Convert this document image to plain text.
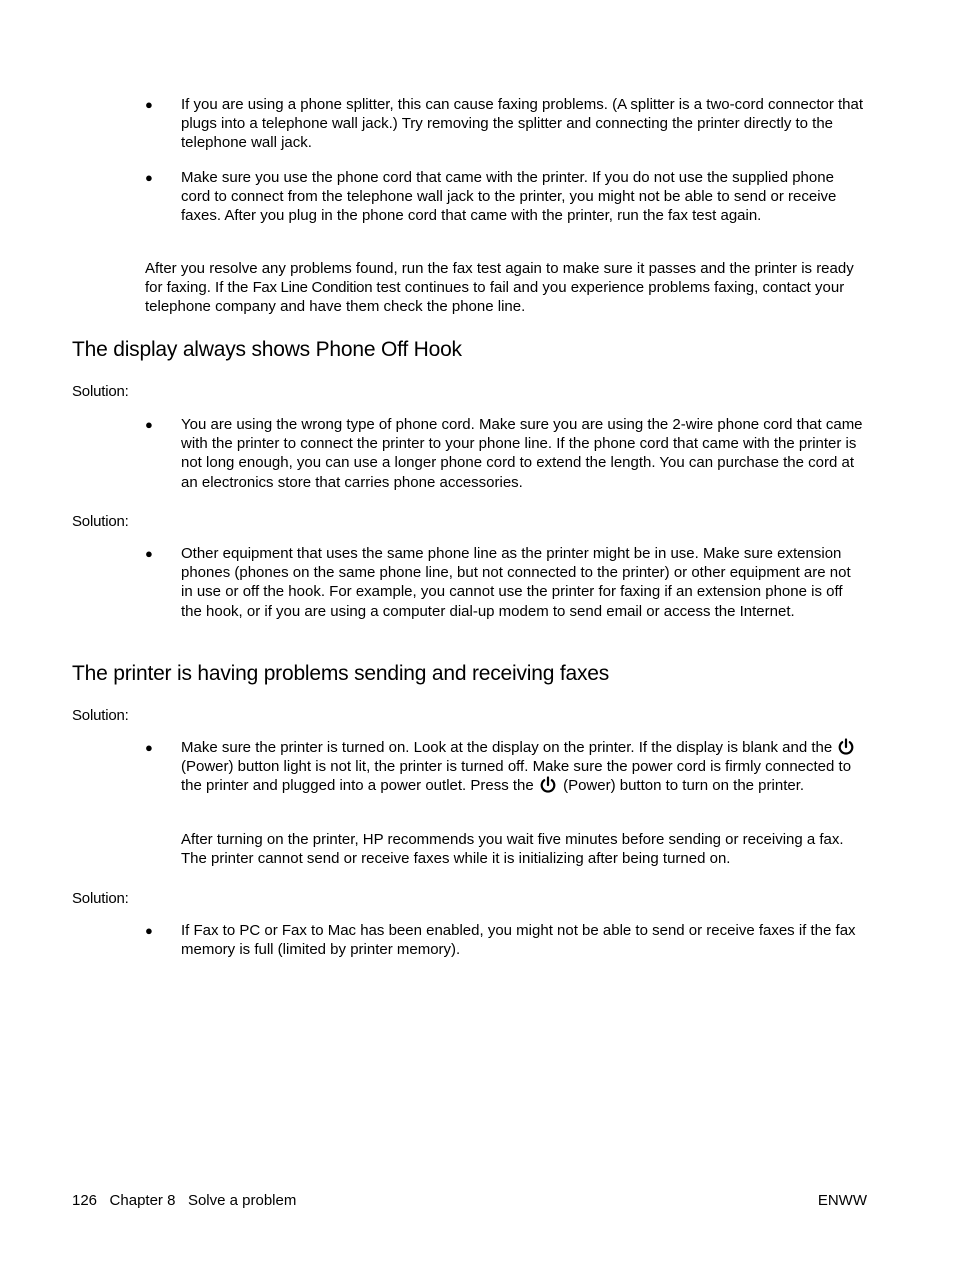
● If you are using a phone splitter, this can cause faxing problems. (A splitter is a two-cord connector that plugs into a telephone wall jack.) Try removing the splitter and connecting the printer directly to the telephone wall jack.
● Make sure you use the phone cord that came with the printer. If you do not use the supplied phone cord to connect from the telephone wall jack to the printer, you might not be able to send or receive faxes. After you plug in the phone cord that came with the printer, run the fax test again.
After you resolve any problems found, run the fax test again to make sure it passes and the printer is ready for faxing. If the Fax Line Condition test continues to fail and you experience problems faxing, contact your telephone company and have them check the phone line.
The display always shows Phone Off Hook
Solution:
● You are using the wrong type of phone cord. Make sure you are using the 2-wire phone cord that came with the printer to connect the printer to your phone line. If the phone cord that came with the printer is not long enough, you can use a longer phone cord to extend the length. You can purchase the cord at an electronics store that carries phone accessories.
Solution:
● Other equipment that uses the same phone line as the printer might be in use. Make sure extension phones (phones on the same phone line, but not connected to the printer) or other equipment are not in use or off the hook. For example, you cannot use the printer for faxing if an extension phone is off the hook, or if you are using a computer dial-up modem to send email or access the Internet.
The printer is having problems sending and receiving faxes
Solution:
● Make sure the printer is turned on. Look at the display on the printer. If the display is blank and the  (Power) button light is not lit, the printer is turned off. Make sure the power cord is firmly connected to the printer and plugged into a power outlet. Press the  (Power) button to turn on the printer.
After turning on the printer, HP recommends you wait five minutes before sending or receiving a fax. The printer cannot send or receive faxes while it is initializing after being turned on.
Solution:
● If Fax to PC or Fax to Mac has been enabled, you might not be able to send or receive faxes if the fax memory is full (limited by printer memory).
126 Chapter 8 Solve a problem	ENWW
